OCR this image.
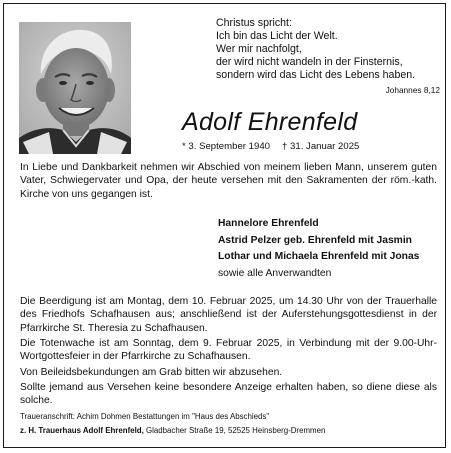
Christus spricht:
Ich bin das Licht der Welt.
Wer mir nachfolgt,
der wird nicht wandeln in der Finsternis,
sondern wird das Licht des Lebens haben.
Johannes 8,12
Adolf Ehrenfeld
* 3. September 1940 † 31. Januar 2025
In Liebe und Dankbarkeit nehmen wir Abschied von meinem lieben Mann, unserem guten Vater, Schwiegervater und Opa, der heute versehen mit den Sakramenten der röm.-kath. Kirche von uns gegangen ist.
Hannelore Ehrenfeld
Astrid Pelzer geb. Ehrenfeld mit Jasmin
Lothar und Michaela Ehrenfeld mit Jonas
sowie alle Anverwandten
Die Beerdigung ist am Montag, dem 10. Februar 2025, um 14.30 Uhr von der Trauerhalle des Friedhofs Schafhausen aus; anschließend ist der Auferstehungsgottesdienst in der Pfarrkirche St. Theresia zu Schafhausen.
Die Totenwache ist am Sonntag, dem 9. Februar 2025, in Verbindung mit der 9.00-Uhr-Wortgottesfeier in der Pfarrkirche zu Schafhausen.
Von Beileidsbekundungen am Grab bitten wir abzusehen.
Sollte jemand aus Versehen keine besondere Anzeige erhalten haben, so diene diese als solche.
Traueranschrift: Achim Dohmen Bestattungen im "Haus des Abschieds"
z. H. Trauerhaus Adolf Ehrenfeld, Gladbacher Straße 19, 52525 Heinsberg-Dremmen
